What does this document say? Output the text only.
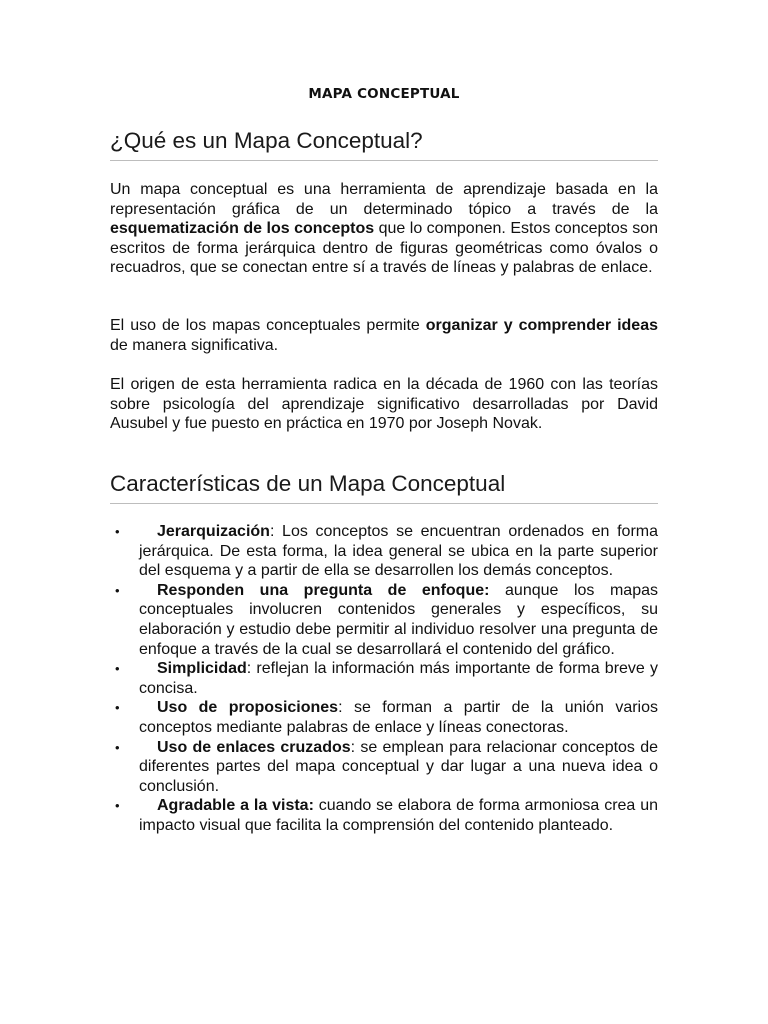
MAPA CONCEPTUAL
¿Qué es un Mapa Conceptual?

Un mapa conceptual es una herramienta de aprendizaje basada en la representación gráfica de un determinado tópico a través de la esquematización de los conceptos que lo componen. Estos conceptos son escritos de forma jerárquica dentro de figuras geométricas como óvalos o recuadros, que se conectan entre sí a través de líneas y palabras de enlace.

El uso de los mapas conceptuales permite organizar y comprender ideas de manera significativa.

El origen de esta herramienta radica en la década de 1960 con las teorías sobre psicología del aprendizaje significativo desarrolladas por David Ausubel y fue puesto en práctica en 1970 por Joseph Novak.

Características de un Mapa Conceptual
• Jerarquización: Los conceptos se encuentran ordenados en forma jerárquica. De esta forma, la idea general se ubica en la parte superior del esquema y a partir de ella se desarrollen los demás conceptos.
• Responden una pregunta de enfoque: aunque los mapas conceptuales involucren contenidos generales y específicos, su elaboración y estudio debe permitir al individuo resolver una pregunta de enfoque a través de la cual se desarrollará el contenido del gráfico.
• Simplicidad: reflejan la información más importante de forma breve y concisa.
• Uso de proposiciones: se forman a partir de la unión varios conceptos mediante palabras de enlace y líneas conectoras.
• Uso de enlaces cruzados: se emplean para relacionar conceptos de diferentes partes del mapa conceptual y dar lugar a una nueva idea o conclusión.
• Agradable a la vista: cuando se elabora de forma armoniosa crea un impacto visual que facilita la comprensión del contenido planteado.
